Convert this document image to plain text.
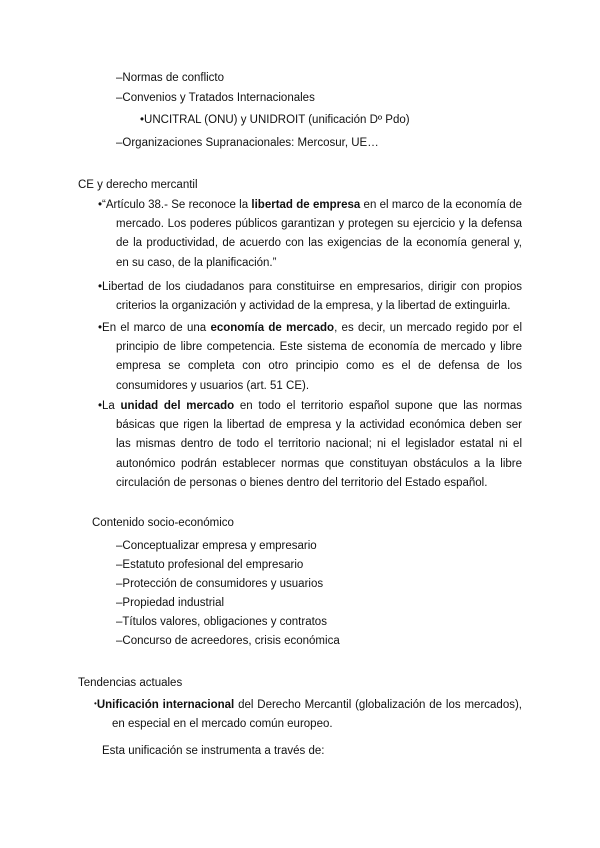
–Normas de conflicto
–Convenios y Tratados Internacionales
•UNCITRAL (ONU) y UNIDROIT (unificación Dº Pdo)
–Organizaciones Supranacionales: Mercosur, UE…
CE y derecho mercantil
•“Artículo 38.- Se reconoce la libertad de empresa en el marco de la economía de mercado. Los poderes públicos garantizan y protegen su ejercicio y la defensa de la productividad, de acuerdo con las exigencias de la economía general y, en su caso, de la planificación.”
•Libertad de los ciudadanos para constituirse en empresarios, dirigir con propios criterios la organización y actividad de la empresa, y la libertad de extinguirla.
•En el marco de una economía de mercado, es decir, un mercado regido por el principio de libre competencia. Este sistema de economía de mercado y libre empresa se completa con otro principio como es el de defensa de los consumidores y usuarios (art. 51 CE).
•La unidad del mercado en todo el territorio español supone que las normas básicas que rigen la libertad de empresa y la actividad económica deben ser las mismas dentro de todo el territorio nacional; ni el legislador estatal ni el autonómico podrán establecer normas que constituyan obstáculos a la libre circulación de personas o bienes dentro del territorio del Estado español.
Contenido socio-económico
–Conceptualizar empresa y empresario
–Estatuto profesional del empresario
–Protección de consumidores y usuarios
–Propiedad industrial
–Títulos valores, obligaciones y contratos
–Concurso de acreedores, crisis económica
Tendencias actuales
•Unificación internacional del Derecho Mercantil (globalización de los mercados), en especial en el mercado común europeo.
Esta unificación se instrumenta a través de:
